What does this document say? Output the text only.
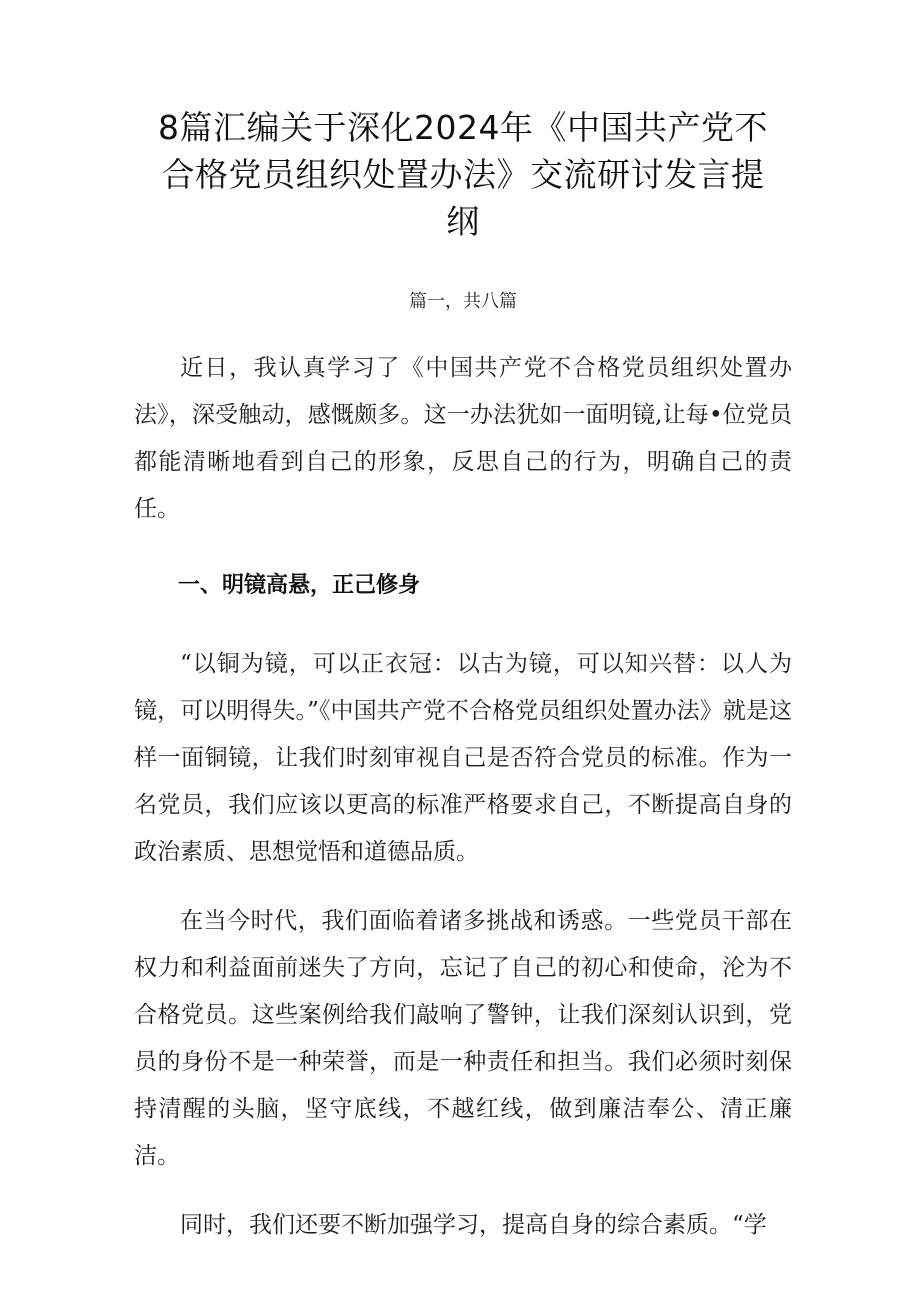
8篇汇编关于深化2024年《中国共产党不合格党员组织处置办法》交流研讨发言提纲
篇一，共八篇

近日，我认真学习了《中国共产党不合格党员组织处置办法》，深受触动，感慨颇多。这一办法犹如一面明镜,让每•位党员都能清晰地看到自己的形象，反思自己的行为，明确自己的责任。

一、明镜高悬，正己修身

“以铜为镜，可以正衣冠：以古为镜，可以知兴替：以人为镜，可以明得失。”《中国共产党不合格党员组织处置办法》就是这样一面铜镜，让我们时刻审视自己是否符合党员的标准。作为一名党员，我们应该以更高的标准严格要求自己，不断提高自身的政治素质、思想觉悟和道德品质。

在当今时代，我们面临着诸多挑战和诱惑。一些党员干部在权力和利益面前迷失了方向，忘记了自己的初心和使命，沦为不合格党员。这些案例给我们敲响了警钟，让我们深刻认识到，党员的身份不是一种荣誉，而是一种责任和担当。我们必须时刻保持清醒的头脑，坚守底线，不越红线，做到廉洁奉公、清正廉洁。

同时，我们还要不断加强学习，提高自身的综合素质。“学
